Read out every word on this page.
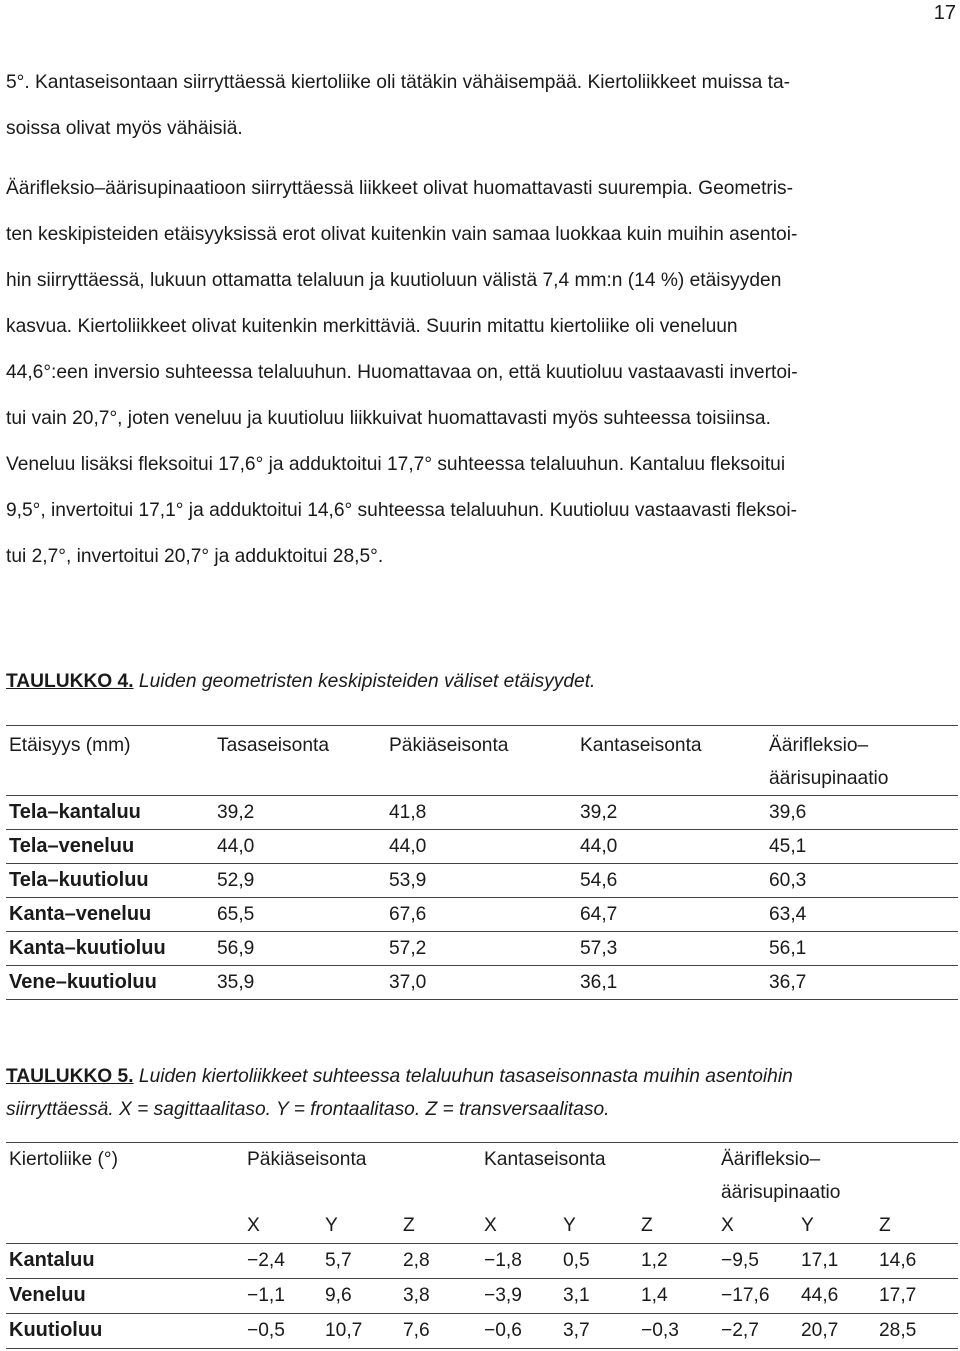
17

5°. Kantaseisontaan siirryttäessä kiertoliike oli tätäkin vähäisempää. Kiertoliikkeet muissa ta-
soissa olivat myös vähäisiä.

Äärifleksio–äärisupinaatioon siirryttäessä liikkeet olivat huomattavasti suurempia. Geometris-
ten keskipisteiden etäisyyksissä erot olivat kuitenkin vain samaa luokkaa kuin muihin asentoi-
hin siirryttäessä, lukuun ottamatta telaluun ja kuutioluun välistä 7,4 mm:n (14 %) etäisyyden
kasvua. Kiertoliikkeet olivat kuitenkin merkittäviä. Suurin mitattu kiertoliike oli veneluun
44,6°:een inversio suhteessa telaluuhun. Huomattavaa on, että kuutioluu vastaavasti invertoi-
tui vain 20,7°, joten veneluu ja kuutioluu liikkuivat huomattavasti myös suhteessa toisiinsa.
Veneluu lisäksi fleksoitui 17,6° ja adduktoitui 17,7° suhteessa telaluuhun. Kantaluu fleksoitui
9,5°, invertoitui 17,1° ja adduktoitui 14,6° suhteessa telaluuhun. Kuutioluu vastaavasti fleksoi-
tui 2,7°, invertoitui 20,7° ja adduktoitui 28,5°.

TAULUKKO 4. Luiden geometristen keskipisteiden väliset etäisyydet.

Etäisyys (mm)	Tasaseisonta	Päkiäseisonta	Kantaseisonta	Äärifleksio–
äärisupinaatio
Tela–kantaluu	39,2	41,8	39,2	39,6
Tela–veneluu	44,0	44,0	44,0	45,1
Tela–kuutioluu	52,9	53,9	54,6	60,3
Kanta–veneluu	65,5	67,6	64,7	63,4
Kanta–kuutioluu	56,9	57,2	57,3	56,1
Vene–kuutioluu	35,9	37,0	36,1	36,7

TAULUKKO 5. Luiden kiertoliikkeet suhteessa telaluuhun tasaseisonnasta muihin asentoihin
siirryttäessä. X = sagittaalitaso. Y = frontaalitaso. Z = transversaalitaso.

Kiertoliike (°)	Päkiäseisonta			Kantaseisonta			Äärifleksio–
äärisupinaatio		
	X	Y	Z	X	Y	Z	X	Y	Z
Kantaluu	−2,4	5,7	2,8	−1,8	0,5	1,2	−9,5	17,1	14,6
Veneluu	−1,1	9,6	3,8	−3,9	3,1	1,4	−17,6	44,6	17,7
Kuutioluu	−0,5	10,7	7,6	−0,6	3,7	−0,3	−2,7	20,7	28,5
